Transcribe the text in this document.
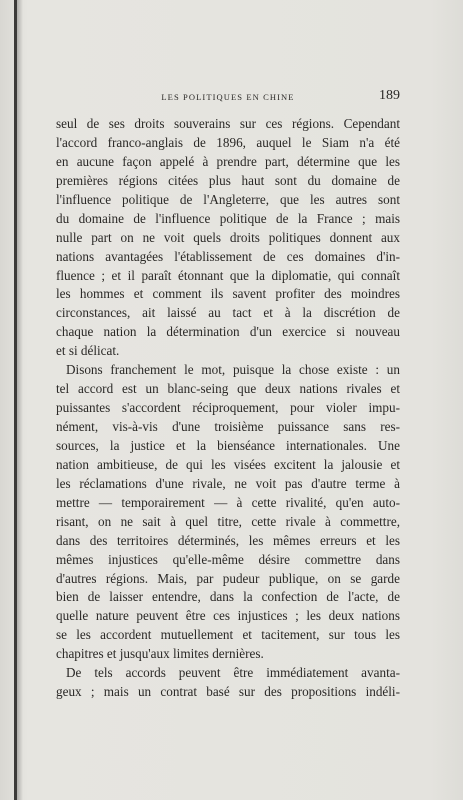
LES POLITIQUES EN CHINE	189
seul de ses droits souverains sur ces régions. Cependant
l'accord franco-anglais de 1896, auquel le Siam n'a été
en aucune façon appelé à prendre part, détermine que les
premières régions citées plus haut sont du domaine de
l'influence politique de l'Angleterre, que les autres sont
du domaine de l'influence politique de la France ; mais
nulle part on ne voit quels droits politiques donnent aux
nations avantagées l'établissement de ces domaines d'in-
fluence ; et il paraît étonnant que la diplomatie, qui connaît
les hommes et comment ils savent profiter des moindres
circonstances, ait laissé au tact et à la discrétion de
chaque nation la détermination d'un exercice si nouveau
et si délicat.
Disons franchement le mot, puisque la chose existe : un
tel accord est un blanc-seing que deux nations rivales et
puissantes s'accordent réciproquement, pour violer impu-
nément, vis-à-vis d'une troisième puissance sans res-
sources, la justice et la bienséance internationales. Une
nation ambitieuse, de qui les visées excitent la jalousie et
les réclamations d'une rivale, ne voit pas d'autre terme à
mettre — temporairement — à cette rivalité, qu'en auto-
risant, on ne sait à quel titre, cette rivale à commettre,
dans des territoires déterminés, les mêmes erreurs et les
mêmes injustices qu'elle-même désire commettre dans
d'autres régions. Mais, par pudeur publique, on se garde
bien de laisser entendre, dans la confection de l'acte, de
quelle nature peuvent être ces injustices ; les deux nations
se les accordent mutuellement et tacitement, sur tous les
chapitres et jusqu'aux limites dernières.
De tels accords peuvent être immédiatement avanta-
geux ; mais un contrat basé sur des propositions indéli-
